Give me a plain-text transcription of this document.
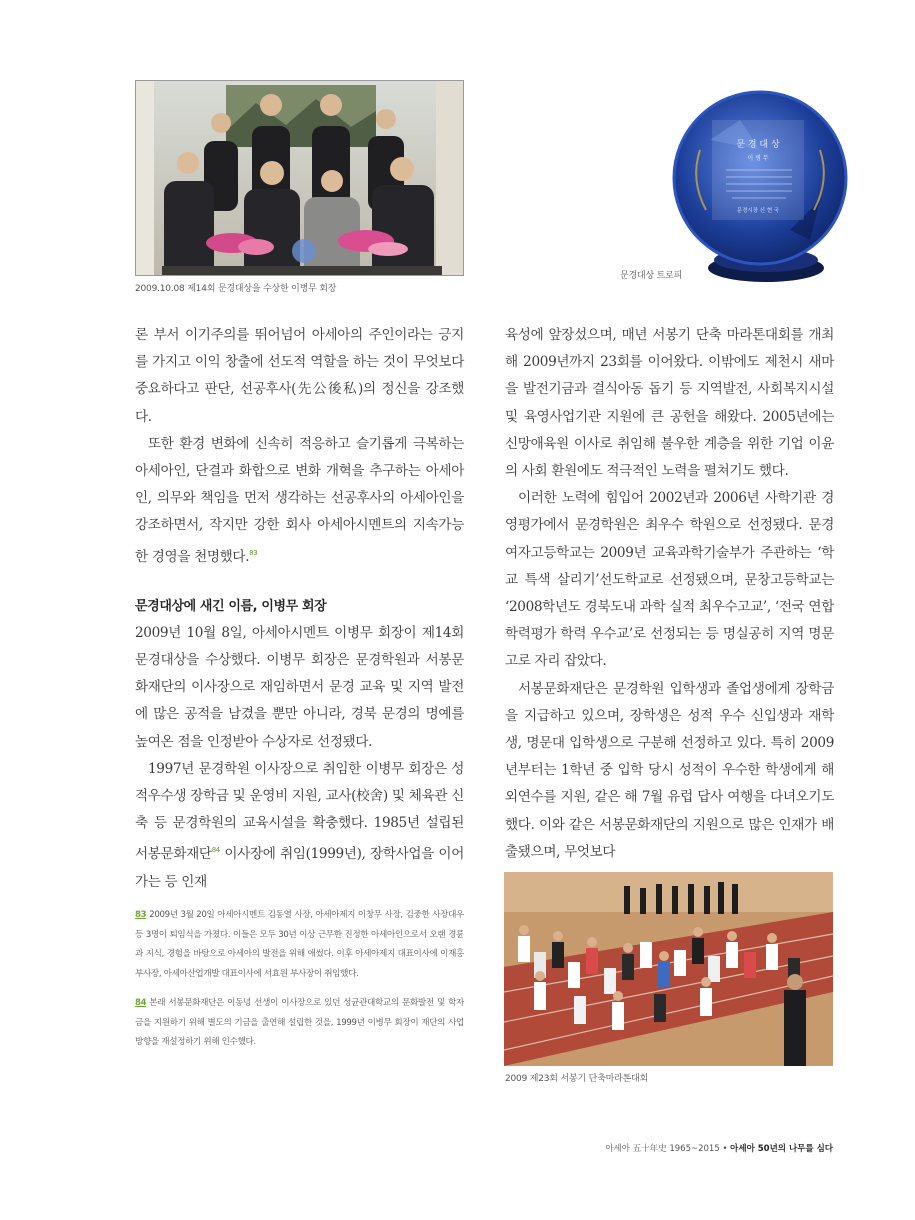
2009.10.08 제14회 문경대상을 수상한 이병무 회장
문 경 대 상
이 병 무
문경시장 신 현 국
문경대상 트로피

론 부서 이기주의를 뛰어넘어 아세아의 주인이라는 긍지를 가지고 이익 창출에 선도적 역할을 하는 것이 무엇보다 중요하다고 판단, 선공후사(先公後私)의 정신을 강조했다.

또한 환경 변화에 신속히 적응하고 슬기롭게 극복하는 아세아인, 단결과 화합으로 변화 개혁을 추구하는 아세아인, 의무와 책임을 먼저 생각하는 선공후사의 아세아인을 강조하면서, 작지만 강한 회사 아세아시멘트의 지속가능한 경영을 천명했다.$^{83}$

문경대상에 새긴 이름, 이병무 회장

2009년 10월 8일, 아세아시멘트 이병무 회장이 제14회 문경대상을 수상했다. 이병무 회장은 문경학원과 서봉문화재단의 이사장으로 재임하면서 문경 교육 및 지역 발전에 많은 공적을 남겼을 뿐만 아니라, 경북 문경의 명예를 높여온 점을 인정받아 수상자로 선정됐다.

1997년 문경학원 이사장으로 취임한 이병무 회장은 성적우수생 장학금 및 운영비 지원, 교사(校舍) 및 체육관 신축 등 문경학원의 교육시설을 확충했다. 1985년 설립된 서봉문화재단$^{84}$ 이사장에 취임(1999년), 장학사업을 이어가는 등 인재

육성에 앞장섰으며, 매년 서봉기 단축 마라톤대회를 개최해 2009년까지 23회를 이어왔다. 이밖에도 제천시 새마을 발전기금과 결식아동 돕기 등 지역발전, 사회복지시설 및 육영사업기관 지원에 큰 공헌을 해왔다. 2005년에는 신망애육원 이사로 취임해 불우한 계층을 위한 기업 이윤의 사회 환원에도 적극적인 노력을 펼쳐기도 했다.

이러한 노력에 힘입어 2002년과 2006년 사학기관 경영평가에서 문경학원은 최우수 학원으로 선정됐다. 문경여자고등학교는 2009년 교육과학기술부가 주관하는 ‘학교 특색 살리기’선도학교로 선정됐으며, 문창고등학교는 ‘2008학년도 경북도내 과학 실적 최우수고교’, ‘전국 연합 학력평가 학력 우수교’로 선정되는 등 명실공히 지역 명문고로 자리 잡았다.

서봉문화재단은 문경학원 입학생과 졸업생에게 장학금을 지급하고 있으며, 장학생은 성적 우수 신입생과 재학생, 명문대 입학생으로 구분해 선정하고 있다. 특히 2009년부터는 1학년 중 입학 당시 성적이 우수한 학생에게 해외연수를 지원, 같은 해 7월 유럽 답사 여행을 다녀오기도 했다. 이와 같은 서봉문화재단의 지원으로 많은 인재가 배출됐으며, 무엇보다

83 2009년 3월 20일 아세아시멘트 김동열 사장, 아세아제지 이창무 사장, 김중한 사장대우 등 3명이 퇴임식을 가졌다. 이들은 모두 30년 이상 근무한 진정한 아세아인으로서 오랜 경륜과 지식, 경험을 바탕으로 아세아의 발전을 위해 애썼다. 이후 아세아제지 대표이사에 이재홍 부사장, 아세아산업개발 대표이사에 서효원 부사장이 취임했다.
84 본래 서봉문화재단은 이동녕 선생이 이사장으로 있던 성균관대학교의 문화발전 및 학자금을 지원하기 위해 별도의 기금을 출연해 설립한 것을, 1999년 이병무 회장이 재단의 사업 방향을 재설정하기 위해 인수했다.
2009 제23회 서봉기 단축마라톤대회
아세아 五十年史 1965~2015 • 아세아 50년의 나무를 심다
